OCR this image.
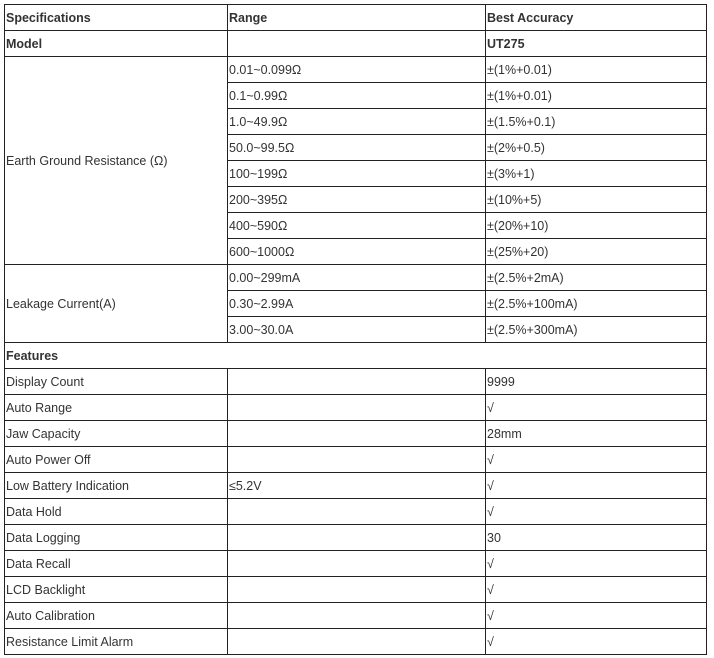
Specifications	Range	Best Accuracy
Model		UT275
Earth Ground Resistance (Ω)	0.01~0.099Ω	±(1%+0.01)
	0.1~0.99Ω	±(1%+0.01)
	1.0~49.9Ω	±(1.5%+0.1)
	50.0~99.5Ω	±(2%+0.5)
	100~199Ω	±(3%+1)
	200~395Ω	±(10%+5)
	400~590Ω	±(20%+10)
	600~1000Ω	±(25%+20)
Leakage Current(A)	0.00~299mA	±(2.5%+2mA)
	0.30~2.99A	±(2.5%+100mA)
	3.00~30.0A	±(2.5%+300mA)
Features		
Display Count		9999
Auto Range		√
Jaw Capacity		28mm
Auto Power Off		√
Low Battery Indication	≤5.2V	√
Data Hold		√
Data Logging		30
Data Recall		√
LCD Backlight		√
Auto Calibration		√
Resistance Limit Alarm		√
